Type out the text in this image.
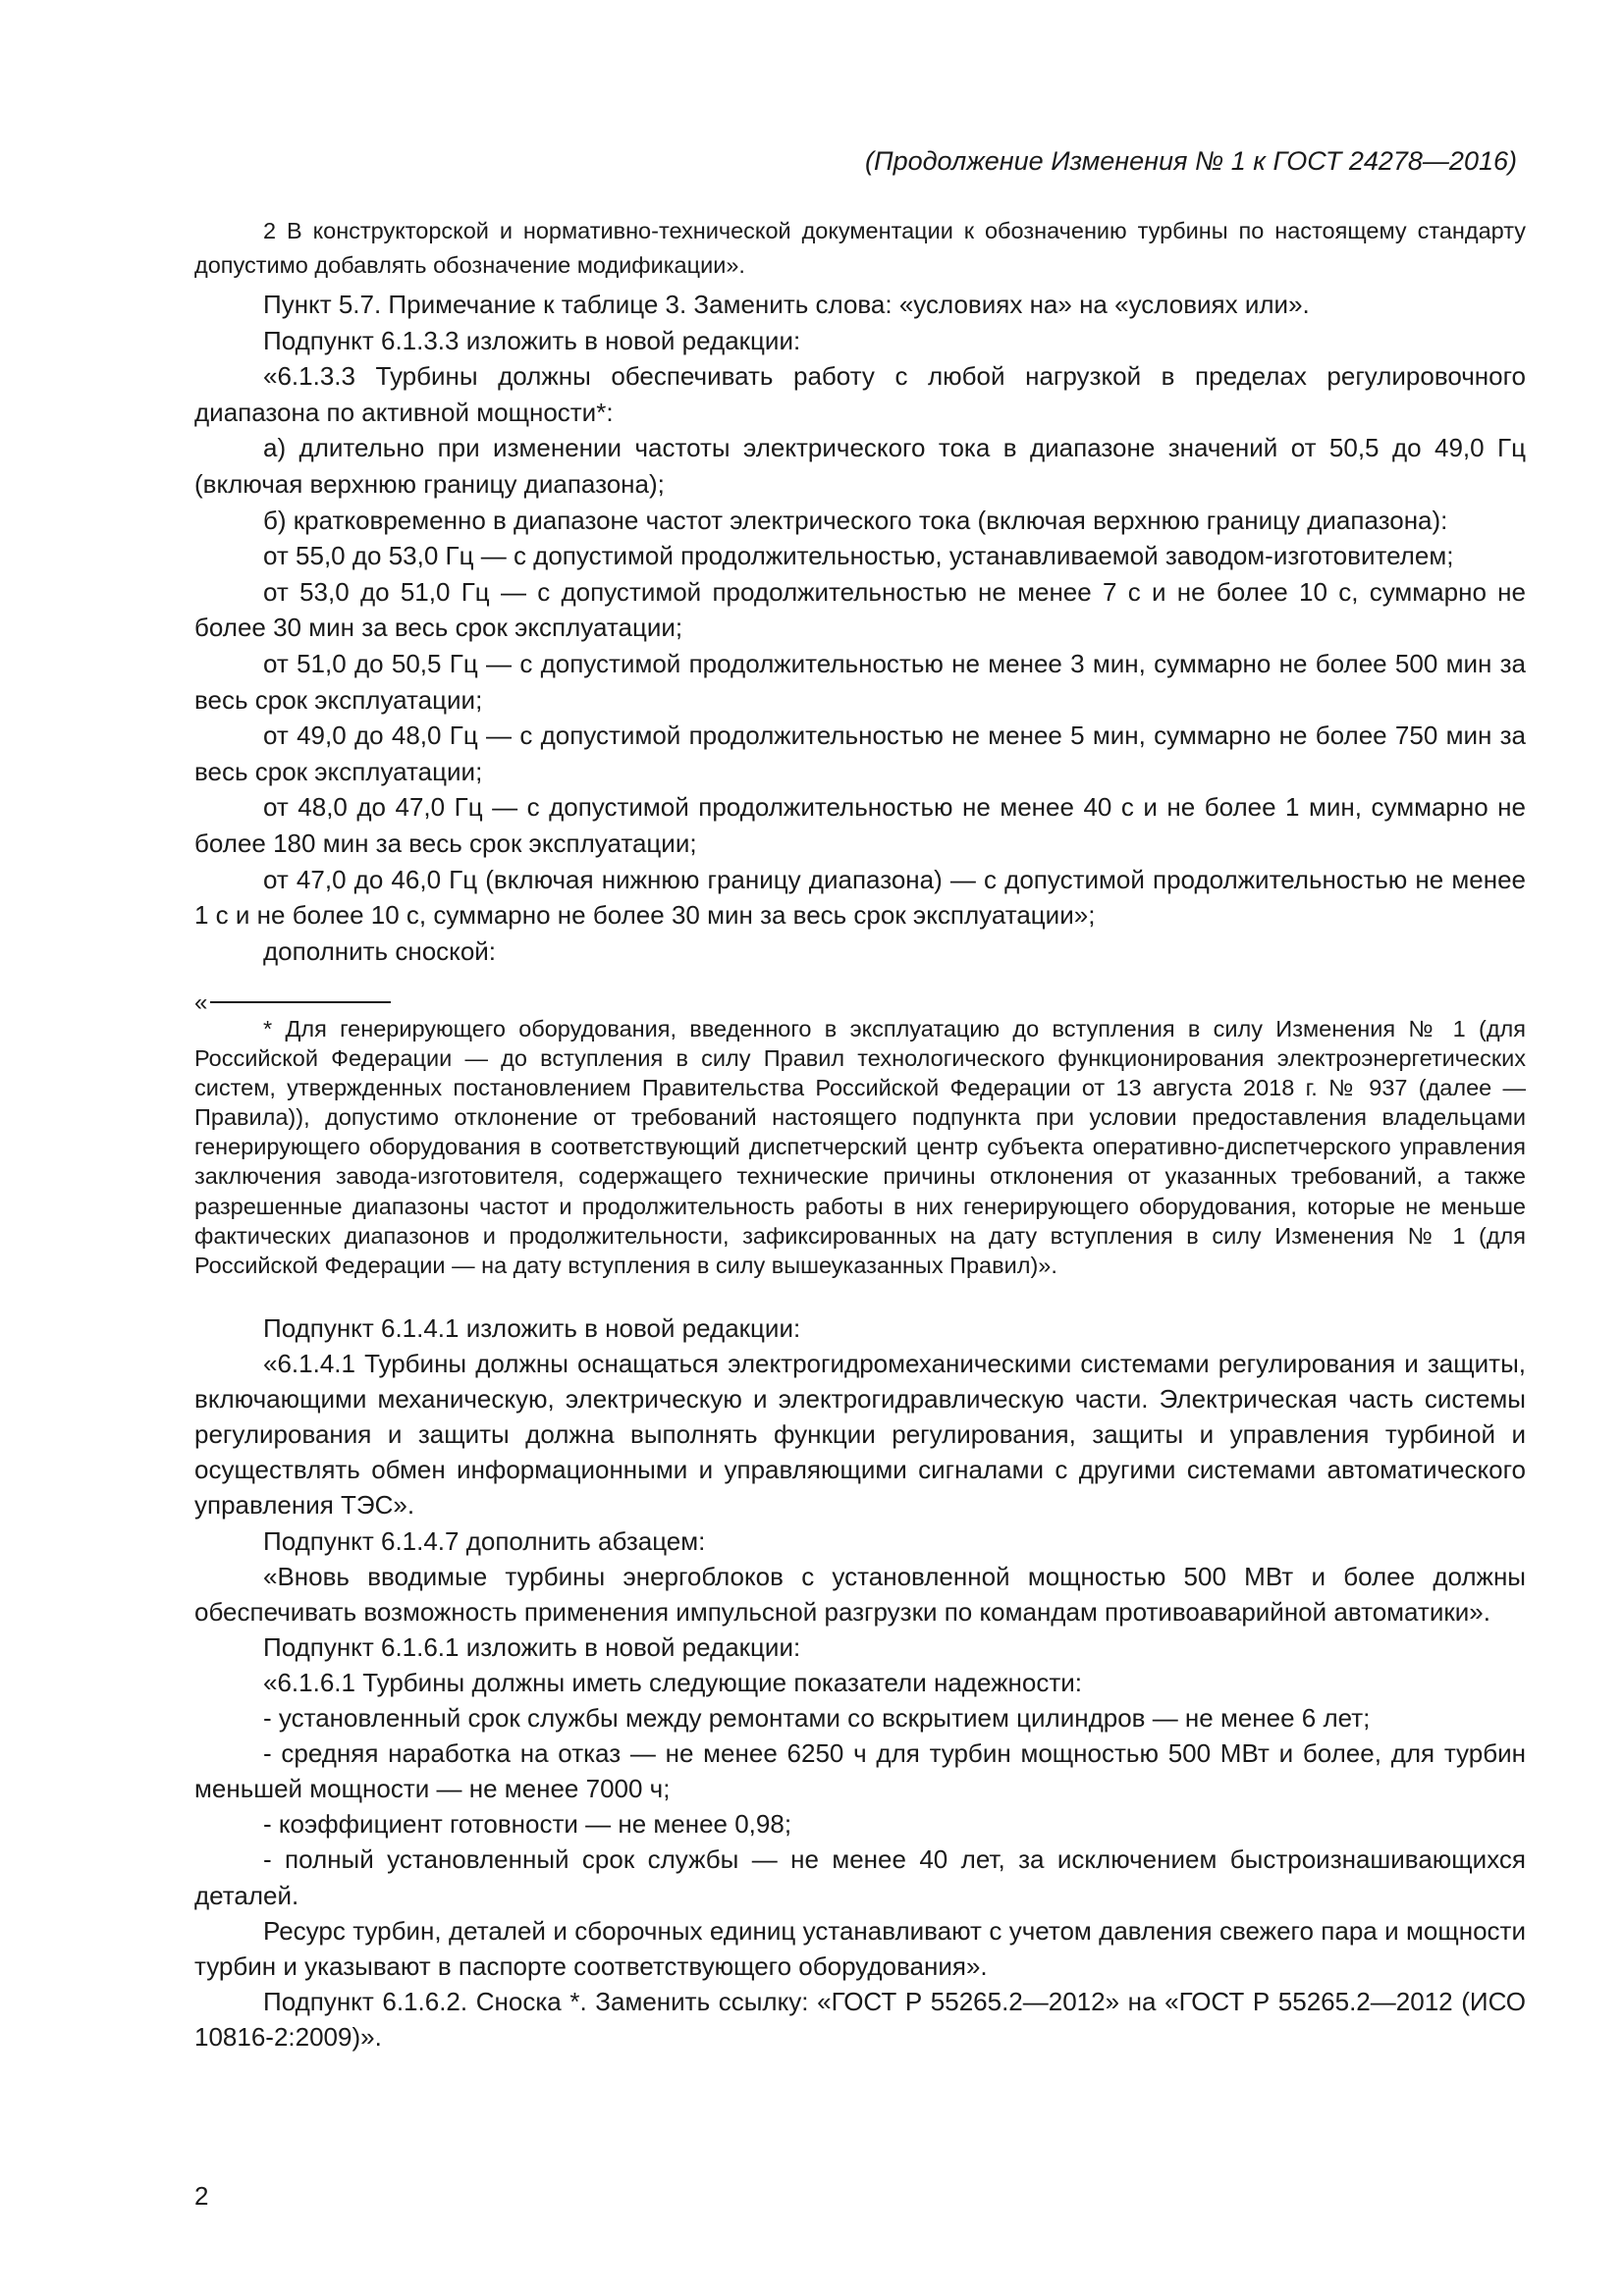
(Продолжение Изменения № 1 к ГОСТ 24278—2016)

2 В конструкторской и нормативно-технической документации к обозначению турбины по настоящему стандарту допустимо добавлять обозначение модификации».

Пункт 5.7. Примечание к таблице 3. Заменить слова: «условиях на» на «условиях или».

Подпункт 6.1.3.3 изложить в новой редакции:

«6.1.3.3 Турбины должны обеспечивать работу с любой нагрузкой в пределах регулировочного диапазона по активной мощности*:

а) длительно при изменении частоты электрического тока в диапазоне значений от 50,5 до 49,0 Гц (включая верхнюю границу диапазона);

б) кратковременно в диапазоне частот электрического тока (включая верхнюю границу диапазона):

от 55,0 до 53,0 Гц — с допустимой продолжительностью, устанавливаемой заводом-изготовителем;

от 53,0 до 51,0 Гц — с допустимой продолжительностью не менее 7 с и не более 10 с, суммарно не более 30 мин за весь срок эксплуатации;

от 51,0 до 50,5 Гц — с допустимой продолжительностью не менее 3 мин, суммарно не более 500 мин за весь срок эксплуатации;

от 49,0 до 48,0 Гц — с допустимой продолжительностью не менее 5 мин, суммарно не более 750 мин за весь срок эксплуатации;

от 48,0 до 47,0 Гц — с допустимой продолжительностью не менее 40 с и не более 1 мин, суммарно не более 180 мин за весь срок эксплуатации;

от 47,0 до 46,0 Гц (включая нижнюю границу диапазона) — с допустимой продолжительностью не менее 1 с и не более 10 с, суммарно не более 30 мин за весь срок эксплуатации»;

дополнить сноской:

«

* Для генерирующего оборудования, введенного в эксплуатацию до вступления в силу Изменения № 1 (для Российской Федерации — до вступления в силу Правил технологического функционирования электроэнергетических систем, утвержденных постановлением Правительства Российской Федерации от 13 августа 2018 г. № 937 (далее — Правила)), допустимо отклонение от требований настоящего подпункта при условии предоставления владельцами генерирующего оборудования в соответствующий диспетчерский центр субъекта оперативно-диспетчерского управления заключения завода-изготовителя, содержащего технические причины отклонения от указанных требований, а также разрешенные диапазоны частот и продолжительность работы в них генерирующего оборудования, которые не меньше фактических диапазонов и продолжительности, зафиксированных на дату вступления в силу Изменения № 1 (для Российской Федерации — на дату вступления в силу вышеуказанных Правил)».

Подпункт 6.1.4.1 изложить в новой редакции:

«6.1.4.1 Турбины должны оснащаться электрогидромеханическими системами регулирования и защиты, включающими механическую, электрическую и электрогидравлическую части. Электрическая часть системы регулирования и защиты должна выполнять функции регулирования, защиты и управления турбиной и осуществлять обмен информационными и управляющими сигналами с другими системами автоматического управления ТЭС».

Подпункт 6.1.4.7 дополнить абзацем:

«Вновь вводимые турбины энергоблоков с установленной мощностью 500 МВт и более должны обеспечивать возможность применения импульсной разгрузки по командам противоаварийной автоматики».

Подпункт 6.1.6.1 изложить в новой редакции:

«6.1.6.1 Турбины должны иметь следующие показатели надежности:

- установленный срок службы между ремонтами со вскрытием цилиндров — не менее 6 лет;

- средняя наработка на отказ — не менее 6250 ч для турбин мощностью 500 МВт и более, для турбин меньшей мощности — не менее 7000 ч;

- коэффициент готовности — не менее 0,98;

- полный установленный срок службы — не менее 40 лет, за исключением быстроизнашивающихся деталей.

Ресурс турбин, деталей и сборочных единиц устанавливают с учетом давления свежего пара и мощности турбин и указывают в паспорте соответствующего оборудования».

Подпункт 6.1.6.2. Сноска *. Заменить ссылку: «ГОСТ Р 55265.2—2012» на «ГОСТ Р 55265.2—2012 (ИСО 10816-2:2009)».

2
